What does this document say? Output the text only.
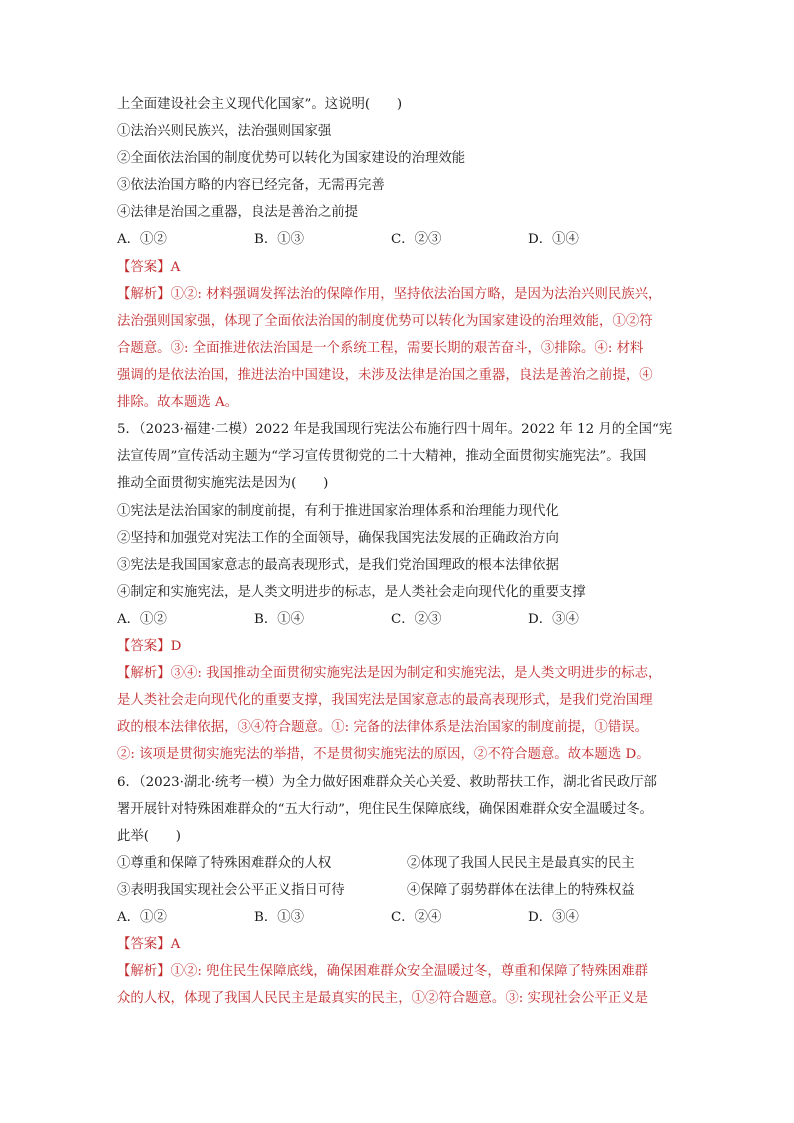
上全面建设社会主义现代化国家”。这说明(　　)
①法治兴则民族兴，法治强则国家强
②全面依法治国的制度优势可以转化为国家建设的治理效能
③依法治国方略的内容已经完备，无需再完善
④法律是治国之重器，良法是善治之前提
A．①②	B．①③	C．②③	D．①④
【答案】A
【解析】①②: 材料强调发挥法治的保障作用，坚持依法治国方略，是因为法治兴则民族兴，
法治强则国家强，体现了全面依法治国的制度优势可以转化为国家建设的治理效能，①②符
合题意。③: 全面推进依法治国是一个系统工程，需要长期的艰苦奋斗，③排除。④: 材料
强调的是依法治国，推进法治中国建设，未涉及法律是治国之重器，良法是善治之前提，④
排除。故本题选 A。
5．（2023·福建·二模）2022 年是我国现行宪法公布施行四十周年。2022 年 12 月的全国“宪
法宣传周”宣传活动主题为“学习宣传贯彻党的二十大精神，推动全面贯彻实施宪法”。我国
推动全面贯彻实施宪法是因为(　　)
①宪法是法治国家的制度前提，有利于推进国家治理体系和治理能力现代化
②坚持和加强党对宪法工作的全面领导，确保我国宪法发展的正确政治方向
③宪法是我国国家意志的最高表现形式，是我们党治国理政的根本法律依据
④制定和实施宪法，是人类文明进步的标志，是人类社会走向现代化的重要支撑
A．①②	B．①④	C．②③	D．③④
【答案】D
【解析】③④: 我国推动全面贯彻实施宪法是因为制定和实施宪法，是人类文明进步的标志，
是人类社会走向现代化的重要支撑，我国宪法是国家意志的最高表现形式，是我们党治国理
政的根本法律依据，③④符合题意。①: 完备的法律体系是法治国家的制度前提，①错误。
②: 该项是贯彻实施宪法的举措，不是贯彻实施宪法的原因，②不符合题意。故本题选 D。
6．（2023·湖北·统考一模）为全力做好困难群众关心关爱、救助帮扶工作，湖北省民政厅部
署开展针对特殊困难群众的“五大行动”，兜住民生保障底线，确保困难群众安全温暖过冬。
此举(　　)
①尊重和保障了特殊困难群众的人权	②体现了我国人民民主是最真实的民主
③表明我国实现社会公平正义指日可待	④保障了弱势群体在法律上的特殊权益
A．①②	B．①③	C．②④	D．③④
【答案】A
【解析】①②: 兜住民生保障底线，确保困难群众安全温暖过冬，尊重和保障了特殊困难群
众的人权，体现了我国人民民主是最真实的民主，①②符合题意。③: 实现社会公平正义是
